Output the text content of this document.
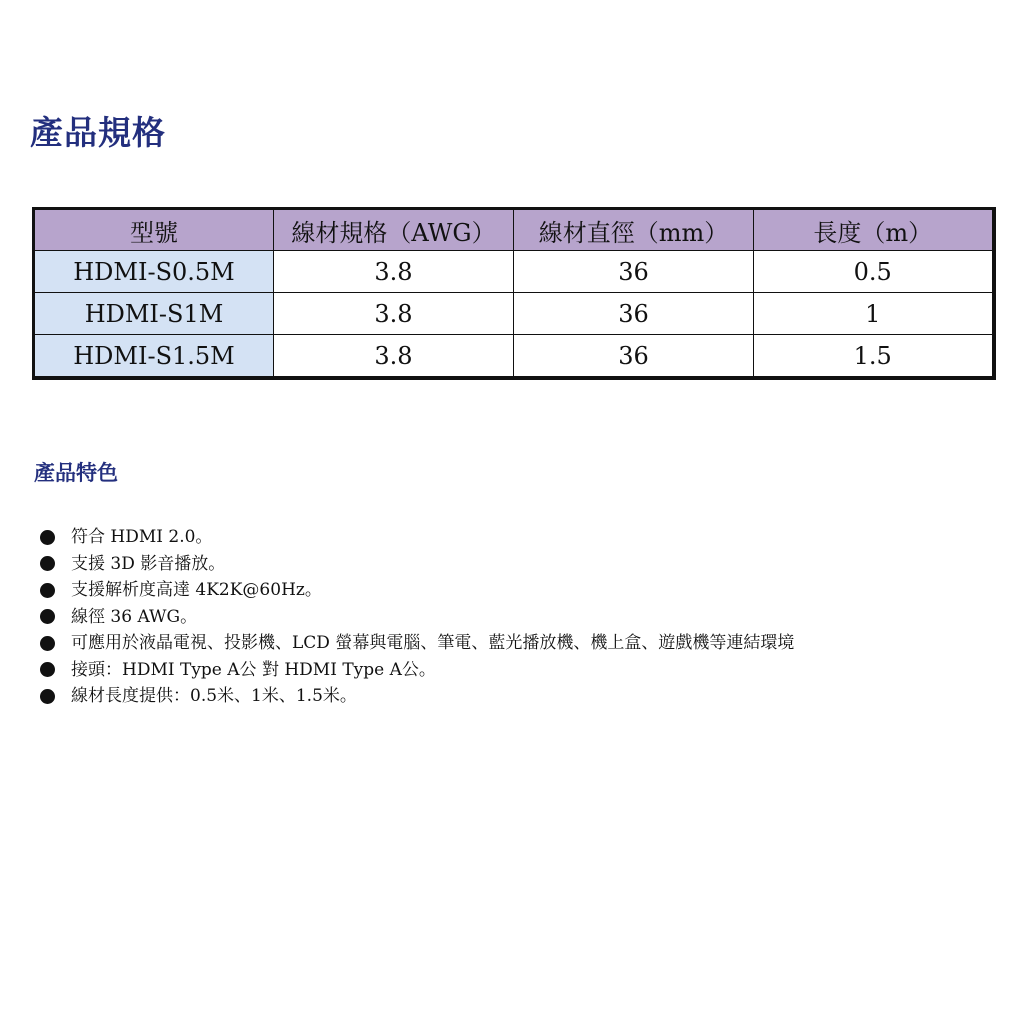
產品規格
型號	線材規格（AWG）	線材直徑（mm）	長度（m）
HDMI-S0.5M	3.8	36	0.5
HDMI-S1M	3.8	36	1
HDMI-S1.5M	3.8	36	1.5
產品特色
符合 HDMI 2.0。
支援 3D 影音播放。
支援解析度高達 4K2K@60Hz。
線徑 36 AWG。
可應用於液晶電視、投影機、LCD 螢幕與電腦、筆電、藍光播放機、機上盒、遊戲機等連結環境
接頭：HDMI Type A公 對 HDMI Type A公。
線材長度提供：0.5米、1米、1.5米。
